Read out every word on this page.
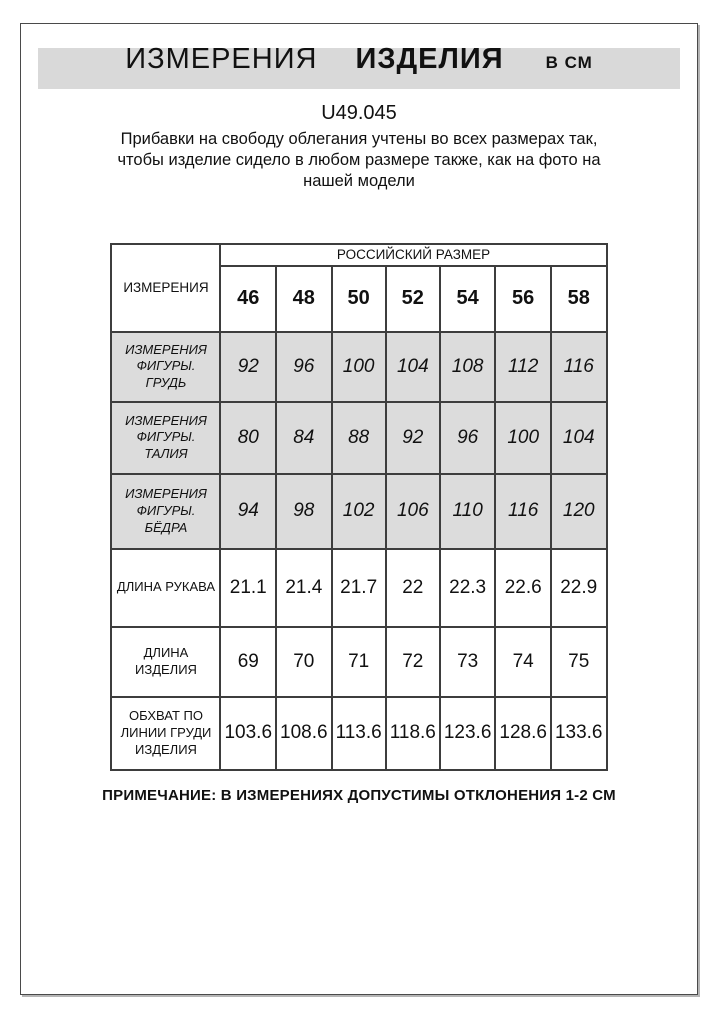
ИЗМЕРЕНИЯ ИЗДЕЛИЯ В СМ
U49.045
Прибавки на свободу облегания учтены во всех размерах так,
чтобы изделие сидело в любом размере также, как на фото на
нашей модели
ИЗМЕРЕНИЯ	РОССИЙСКИЙ РАЗМЕР						
	46	48	50	52	54	56	58
ИЗМЕРЕНИЯ ФИГУРЫ. ГРУДЬ	92	96	100	104	108	112	116
ИЗМЕРЕНИЯ ФИГУРЫ. ТАЛИЯ	80	84	88	92	96	100	104
ИЗМЕРЕНИЯ ФИГУРЫ. БЁДРА	94	98	102	106	110	116	120
ДЛИНА РУКАВА	21.1	21.4	21.7	22	22.3	22.6	22.9
ДЛИНА ИЗДЕЛИЯ	69	70	71	72	73	74	75
ОБХВАТ ПО ЛИНИИ ГРУДИ ИЗДЕЛИЯ	103.6	108.6	113.6	118.6	123.6	128.6	133.6
ПРИМЕЧАНИЕ: В ИЗМЕРЕНИЯХ ДОПУСТИМЫ ОТКЛОНЕНИЯ 1-2 СМ
